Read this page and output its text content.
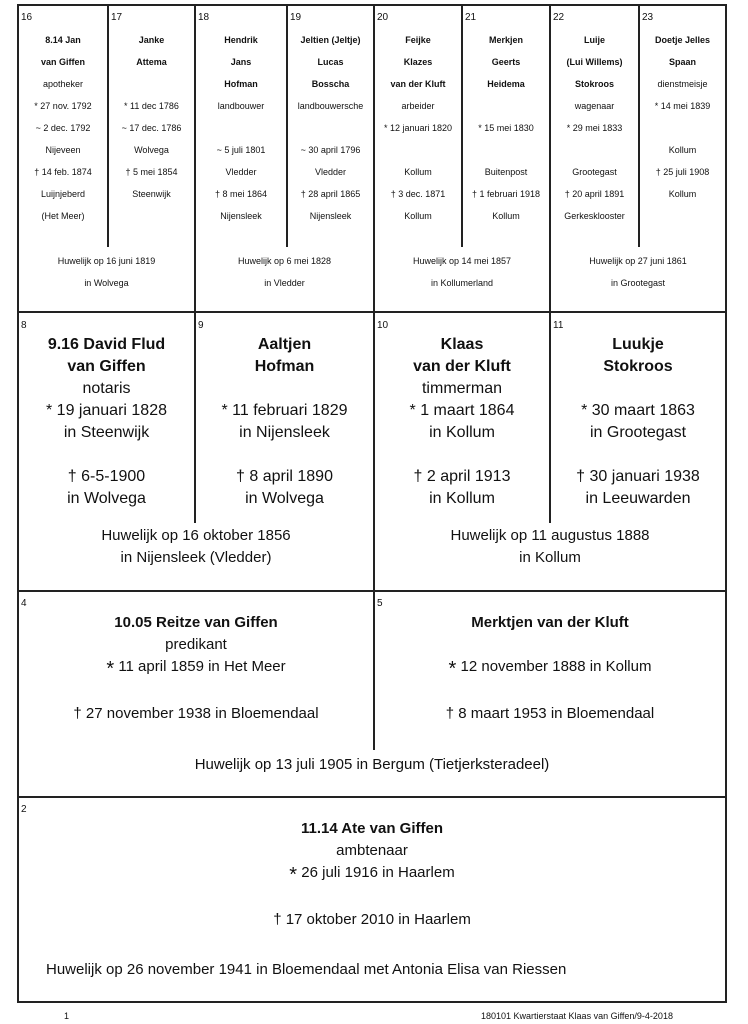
16
8.14 Jan
van Giffen
apotheker
* 27 nov. 1792
~ 2 dec. 1792
Nijeveen
† 14 feb. 1874
Luijnjeberd
(Het Meer)
17
Janke
Attema

* 11 dec 1786
~ 17 dec. 1786
Wolvega
† 5 mei 1854
Steenwijk
18
Hendrik
Jans
Hofman
landbouwer

~ 5 juli 1801
Vledder
† 8 mei 1864
Nijensleek
19
Jeltien (Jeltje)
Lucas
Bosscha
landbouwersche

~ 30 april 1796
Vledder
† 28 april 1865
Nijensleek
20
Feijke
Klazes
van der Kluft
arbeider
* 12 januari 1820

Kollum
† 3 dec. 1871
Kollum
21
Merkjen
Geerts
Heidema

* 15 mei 1830

Buitenpost
† 1 februari 1918
Kollum
22
Luije
(Lui Willems)
Stokroos
wagenaar
* 29 mei 1833

Grootegast
† 20 april 1891
Gerkesklooster
23
Doetje Jelles
Spaan
dienstmeisje
* 14 mei 1839

Kollum
† 25 juli 1908
Kollum
Huwelijk op 16 juni 1819
in Wolvega
Huwelijk op 6 mei 1828
in Vledder
Huwelijk op 14 mei 1857
in Kollumerland
Huwelijk op 27 juni 1861
in Grootegast
8
9.16 David Flud
van Giffen
notaris
* 19 januari 1828
in Steenwijk

† 6-5-1900
in Wolvega
9
Aaltjen
Hofman

* 11 februari 1829
in Nijensleek

† 8 april 1890
in Wolvega
10
Klaas
van der Kluft
timmerman
* 1 maart 1864
in Kollum

† 2 april 1913
in Kollum
11
Luukje
Stokroos

* 30 maart 1863
in Grootegast

† 30 januari 1938
in Leeuwarden
Huwelijk op 16 oktober 1856
in Nijensleek (Vledder)
Huwelijk op 11 augustus 1888
in Kollum
4
10.05 Reitze van Giffen
predikant
* 11 april 1859 in Het Meer
† 27 november 1938 in Bloemendaal
5
Merktjen van der Kluft
* 12 november 1888 in Kollum
† 8 maart 1953 in Bloemendaal
Huwelijk op 13 juli 1905 in Bergum (Tietjerksteradeel)
2
11.14 Ate van Giffen
ambtenaar
* 26 juli 1916 in Haarlem
† 17 oktober 2010 in Haarlem
Huwelijk op 26 november 1941 in Bloemendaal met Antonia Elisa van Riessen
1	180101 Kwartierstaat Klaas van Giffen/9-4-2018
